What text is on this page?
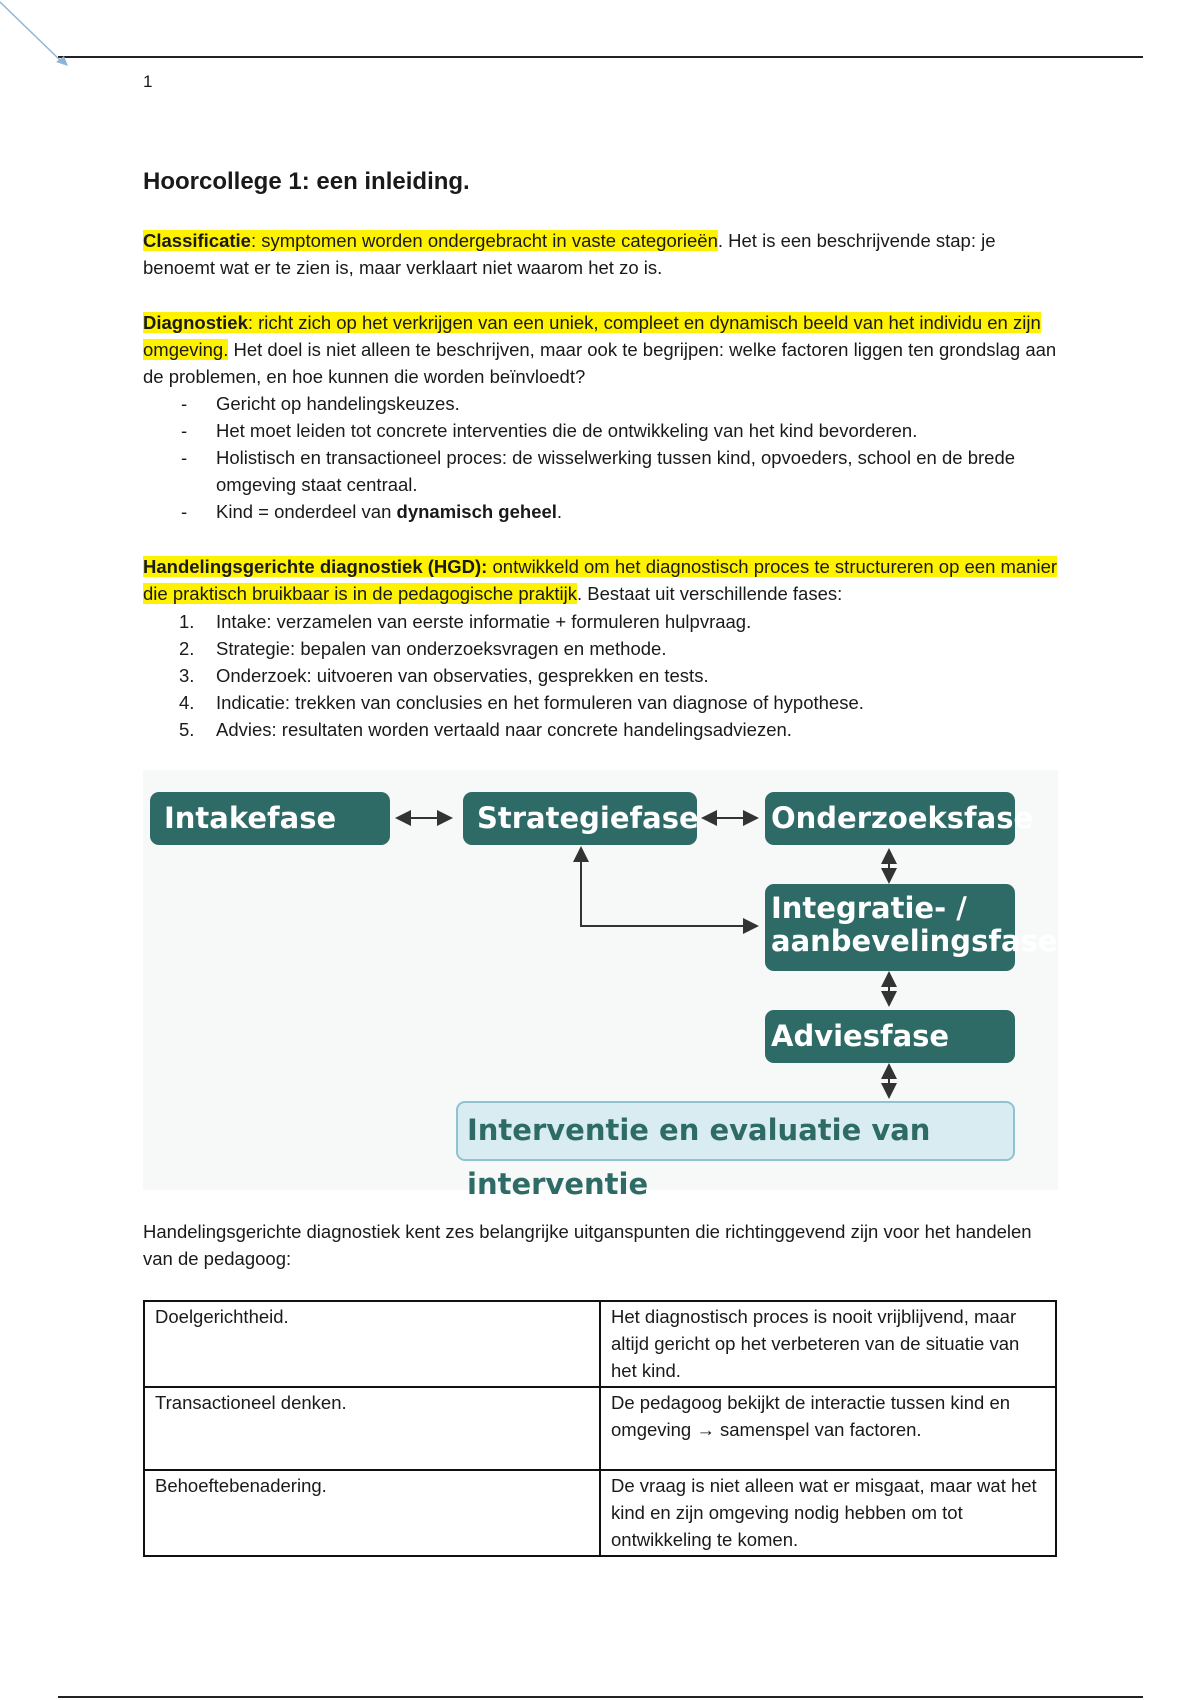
1
Hoorcollege 1: een inleiding.

Classificatie: symptomen worden ondergebracht in vaste categorieën. Het is een beschrijvende stap: je benoemt wat er te zien is, maar verklaart niet waarom het zo is.

Diagnostiek: richt zich op het verkrijgen van een uniek, compleet en dynamisch beeld van het individu en zijn omgeving. Het doel is niet alleen te beschrijven, maar ook te begrijpen: welke factoren liggen ten grondslag aan de problemen, en hoe kunnen die worden beïnvloedt?

- Gericht op handelingskeuzes.
- Het moet leiden tot concrete interventies die de ontwikkeling van het kind bevorderen.
- Holistisch en transactioneel proces: de wisselwerking tussen kind, opvoeders, school en de brede omgeving staat centraal.
- Kind = onderdeel van dynamisch geheel.

Handelingsgerichte diagnostiek (HGD): ontwikkeld om het diagnostisch proces te structureren op een manier die praktisch bruikbaar is in de pedagogische praktijk. Bestaat uit verschillende fases:

1. Intake: verzamelen van eerste informatie + formuleren hulpvraag.
2. Strategie: bepalen van onderzoeksvragen en methode.
3. Onderzoek: uitvoeren van observaties, gesprekken en tests.
4. Indicatie: trekken van conclusies en het formuleren van diagnose of hypothese.
5. Advies: resultaten worden vertaald naar concrete handelingsadviezen.
Intakefase	Strategiefase Onderzoeksfase
Integratie- /
aanbevelingsfase
Adviesfase
Interventie en evaluatie van interventie

Handelingsgerichte diagnostiek kent zes belangrijke uitganspunten die richtinggevend zijn voor het handelen van de pedagoog:

Doelgerichtheid.	Het diagnostisch proces is nooit vrijblijvend, maar altijd gericht op het verbeteren van de situatie van het kind.
Transactioneel denken.	De pedagoog bekijkt de interactie tussen kind en omgeving → samenspel van factoren.
Behoeftebenadering.	De vraag is niet alleen wat er misgaat, maar wat het kind en zijn omgeving nodig hebben om tot ontwikkeling te komen.
